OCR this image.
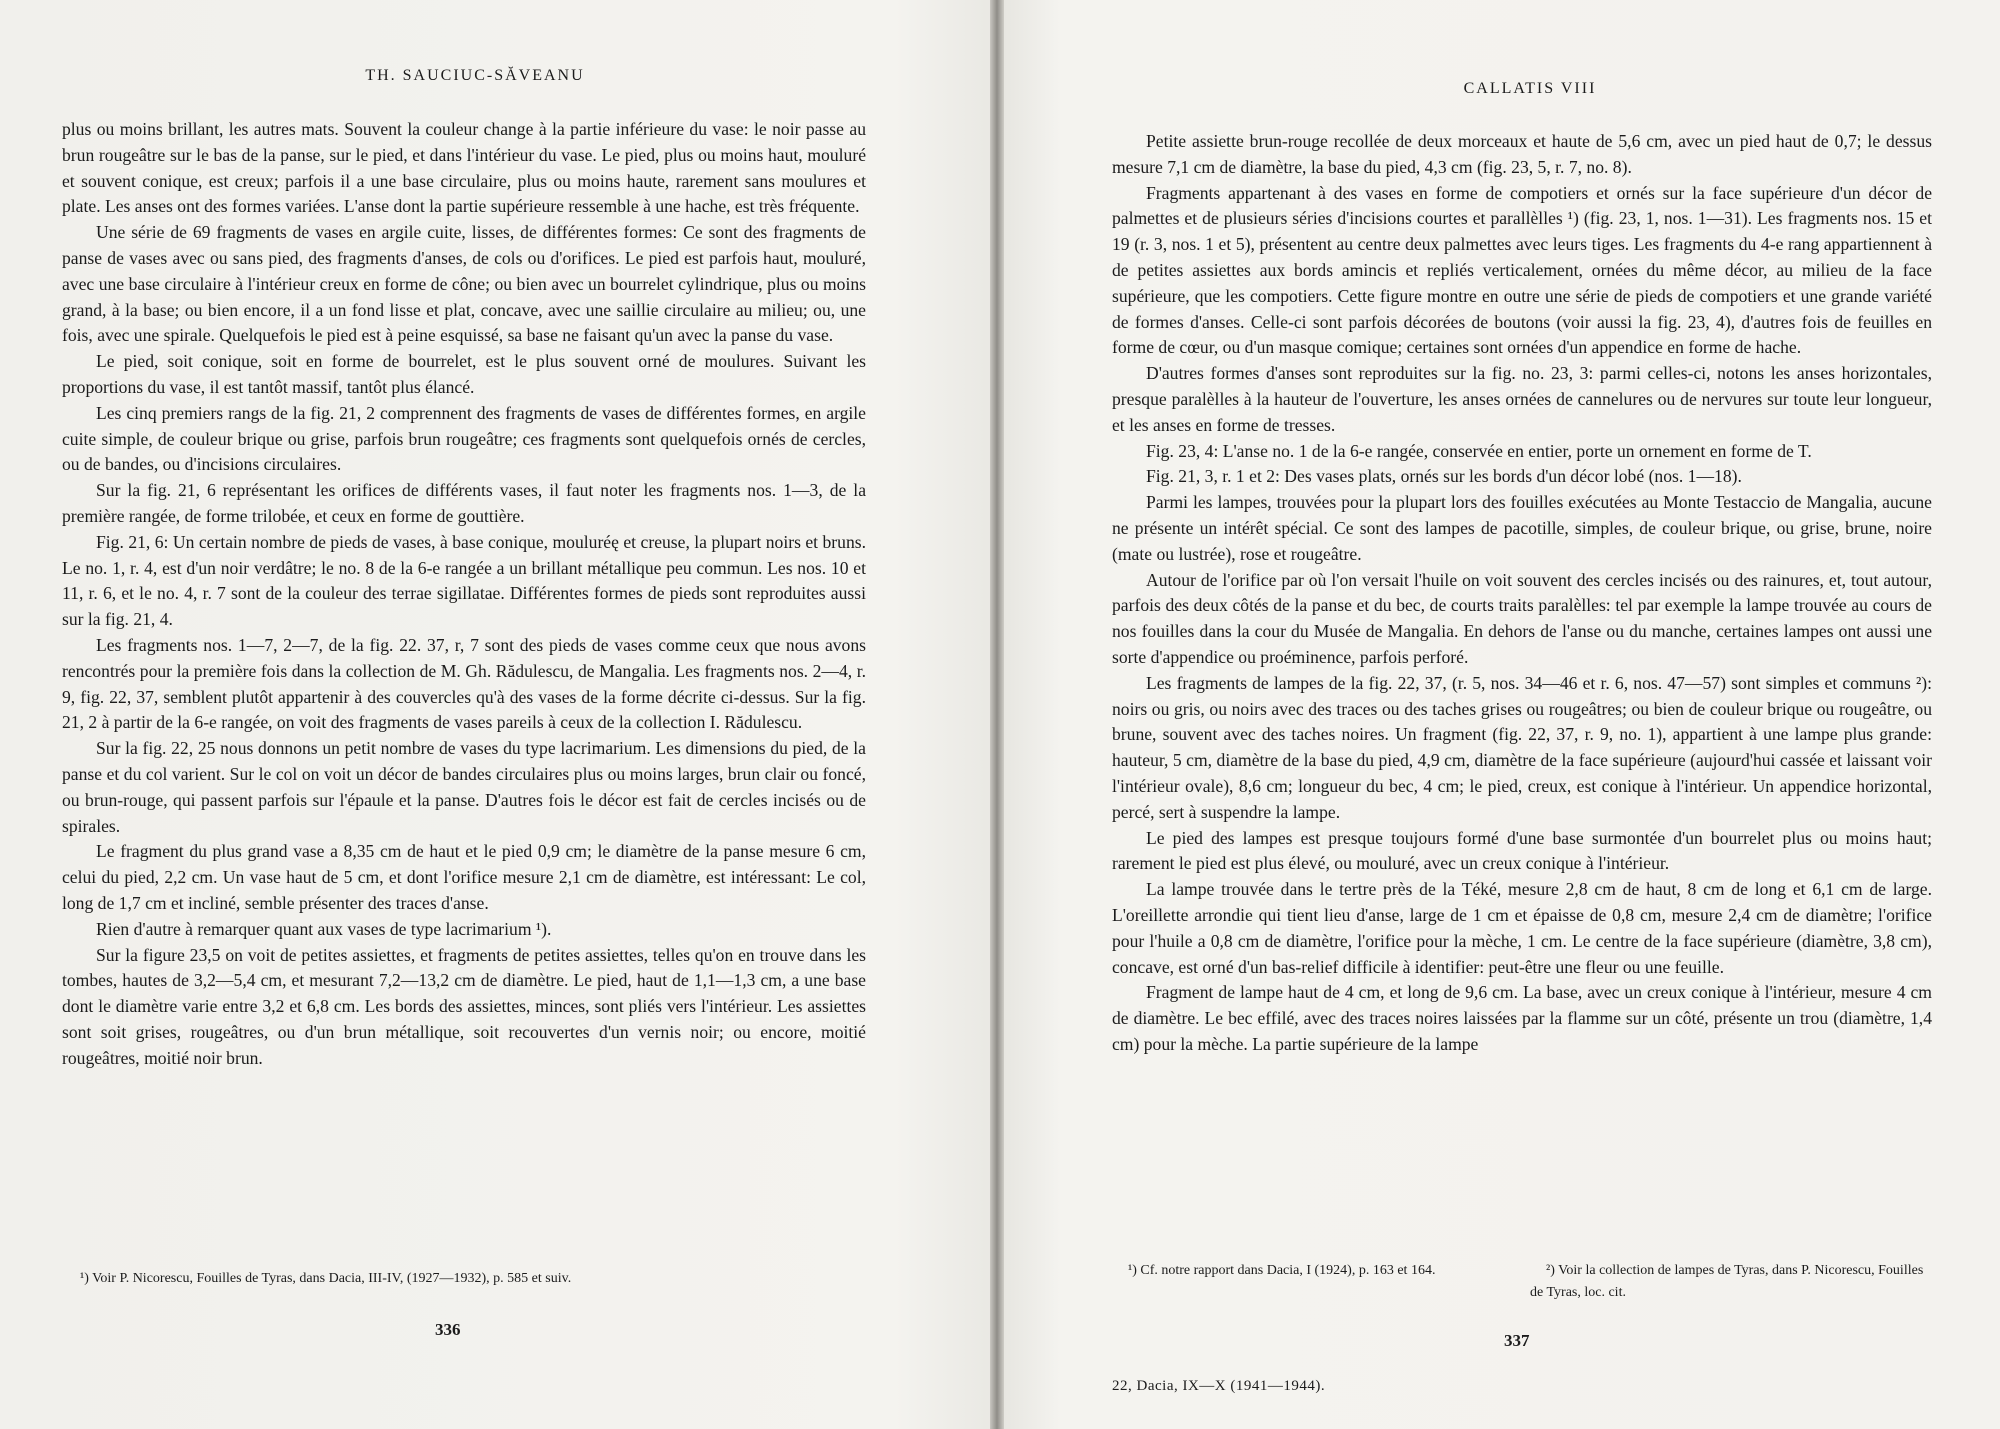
TH. SAUCIUC-SĂVEANU

plus ou moins brillant, les autres mats. Souvent la couleur change à la partie inférieure du vase: le noir passe au brun rougeâtre sur le bas de la panse, sur le pied, et dans l'intérieur du vase. Le pied, plus ou moins haut, mouluré et souvent conique, est creux; parfois il a une base circulaire, plus ou moins haute, rarement sans moulures et plate. Les anses ont des formes variées. L'anse dont la partie supérieure ressemble à une hache, est très fréquente.

Une série de 69 fragments de vases en argile cuite, lisses, de différentes formes: Ce sont des fragments de panse de vases avec ou sans pied, des fragments d'anses, de cols ou d'orifices. Le pied est parfois haut, mouluré, avec une base circulaire à l'intérieur creux en forme de cône; ou bien avec un bourrelet cylindrique, plus ou moins grand, à la base; ou bien encore, il a un fond lisse et plat, concave, avec une saillie circulaire au milieu; ou, une fois, avec une spirale. Quelquefois le pied est à peine esquissé, sa base ne faisant qu'un avec la panse du vase.

Le pied, soit conique, soit en forme de bourrelet, est le plus souvent orné de moulures. Suivant les proportions du vase, il est tantôt massif, tantôt plus élancé.

Les cinq premiers rangs de la fig. 21, 2 comprennent des fragments de vases de différentes formes, en argile cuite simple, de couleur brique ou grise, parfois brun rougeâtre; ces fragments sont quelquefois ornés de cercles, ou de bandes, ou d'incisions circulaires.

Sur la fig. 21, 6 représentant les orifices de différents vases, il faut noter les fragments nos. 1—3, de la première rangée, de forme trilobée, et ceux en forme de gouttière.

Fig. 21, 6: Un certain nombre de pieds de vases, à base conique, mouluréę et creuse, la plupart noirs et bruns. Le no. 1, r. 4, est d'un noir verdâtre; le no. 8 de la 6-e rangée a un brillant métallique peu commun. Les nos. 10 et 11, r. 6, et le no. 4, r. 7 sont de la couleur des terrae sigillatae. Différentes formes de pieds sont reproduites aussi sur la fig. 21, 4.

Les fragments nos. 1—7, 2—7, de la fig. 22. 37, r, 7 sont des pieds de vases comme ceux que nous avons rencontrés pour la première fois dans la collection de M. Gh. Rădulescu, de Mangalia. Les fragments nos. 2—4, r. 9, fig. 22, 37, semblent plutôt appartenir à des couvercles qu'à des vases de la forme décrite ci-dessus. Sur la fig. 21, 2 à partir de la 6-e rangée, on voit des fragments de vases pareils à ceux de la collection I. Rădulescu.

Sur la fig. 22, 25 nous donnons un petit nombre de vases du type lacrimarium. Les dimensions du pied, de la panse et du col varient. Sur le col on voit un décor de bandes circulaires plus ou moins larges, brun clair ou foncé, ou brun-rouge, qui passent parfois sur l'épaule et la panse. D'autres fois le décor est fait de cercles incisés ou de spirales.

Le fragment du plus grand vase a 8,35 cm de haut et le pied 0,9 cm; le diamètre de la panse mesure 6 cm, celui du pied, 2,2 cm. Un vase haut de 5 cm, et dont l'orifice mesure 2,1 cm de diamètre, est intéressant: Le col, long de 1,7 cm et incliné, semble présenter des traces d'anse.

Rien d'autre à remarquer quant aux vases de type lacrimarium ¹).

Sur la figure 23,5 on voit de petites assiettes, et fragments de petites assiettes, telles qu'on en trouve dans les tombes, hautes de 3,2—5,4 cm, et mesurant 7,2—13,2 cm de diamètre. Le pied, haut de 1,1—1,3 cm, a une base dont le diamètre varie entre 3,2 et 6,8 cm. Les bords des assiettes, minces, sont pliés vers l'intérieur. Les assiettes sont soit grises, rougeâtres, ou d'un brun métallique, soit recouvertes d'un vernis noir; ou encore, moitié rougeâtres, moitié noir brun.

¹) Voir P. Nicorescu, Fouilles de Tyras, dans Dacia, III-IV, (1927—1932), p. 585 et suiv.
336
CALLATIS VIII

Petite assiette brun-rouge recollée de deux morceaux et haute de 5,6 cm, avec un pied haut de 0,7; le dessus mesure 7,1 cm de diamètre, la base du pied, 4,3 cm (fig. 23, 5, r. 7, no. 8).

Fragments appartenant à des vases en forme de compotiers et ornés sur la face supérieure d'un décor de palmettes et de plusieurs séries d'incisions courtes et parallèlles ¹) (fig. 23, 1, nos. 1—31). Les fragments nos. 15 et 19 (r. 3, nos. 1 et 5), présentent au centre deux palmettes avec leurs tiges. Les fragments du 4-e rang appartiennent à de petites assiettes aux bords amincis et repliés verticalement, ornées du même décor, au milieu de la face supérieure, que les compotiers. Cette figure montre en outre une série de pieds de compotiers et une grande variété de formes d'anses. Celle-ci sont parfois décorées de boutons (voir aussi la fig. 23, 4), d'autres fois de feuilles en forme de cœur, ou d'un masque comique; certaines sont ornées d'un appendice en forme de hache.

D'autres formes d'anses sont reproduites sur la fig. no. 23, 3: parmi celles-ci, notons les anses horizontales, presque paralèlles à la hauteur de l'ouverture, les anses ornées de cannelures ou de nervures sur toute leur longueur, et les anses en forme de tresses.

Fig. 23, 4: L'anse no. 1 de la 6-e rangée, conservée en entier, porte un ornement en forme de T.

Fig. 21, 3, r. 1 et 2: Des vases plats, ornés sur les bords d'un décor lobé (nos. 1—18).

Parmi les lampes, trouvées pour la plupart lors des fouilles exécutées au Monte Testaccio de Mangalia, aucune ne présente un intérêt spécial. Ce sont des lampes de pacotille, simples, de couleur brique, ou grise, brune, noire (mate ou lustrée), rose et rougeâtre.

Autour de l'orifice par où l'on versait l'huile on voit souvent des cercles incisés ou des rainures, et, tout autour, parfois des deux côtés de la panse et du bec, de courts traits paralèlles: tel par exemple la lampe trouvée au cours de nos fouilles dans la cour du Musée de Mangalia. En dehors de l'anse ou du manche, certaines lampes ont aussi une sorte d'appendice ou proéminence, parfois perforé.

Les fragments de lampes de la fig. 22, 37, (r. 5, nos. 34—46 et r. 6, nos. 47—57) sont simples et communs ²): noirs ou gris, ou noirs avec des traces ou des taches grises ou rougeâtres; ou bien de couleur brique ou rougeâtre, ou brune, souvent avec des taches noires. Un fragment (fig. 22, 37, r. 9, no. 1), appartient à une lampe plus grande: hauteur, 5 cm, diamètre de la base du pied, 4,9 cm, diamètre de la face supérieure (aujourd'hui cassée et laissant voir l'intérieur ovale), 8,6 cm; longueur du bec, 4 cm; le pied, creux, est conique à l'intérieur. Un appendice horizontal, percé, sert à suspendre la lampe.

Le pied des lampes est presque toujours formé d'une base surmontée d'un bourrelet plus ou moins haut; rarement le pied est plus élevé, ou mouluré, avec un creux conique à l'intérieur.

La lampe trouvée dans le tertre près de la Téké, mesure 2,8 cm de haut, 8 cm de long et 6,1 cm de large. L'oreillette arrondie qui tient lieu d'anse, large de 1 cm et épaisse de 0,8 cm, mesure 2,4 cm de diamètre; l'orifice pour l'huile a 0,8 cm de diamètre, l'orifice pour la mèche, 1 cm. Le centre de la face supérieure (diamètre, 3,8 cm), concave, est orné d'un bas-relief difficile à identifier: peut-être une fleur ou une feuille.

Fragment de lampe haut de 4 cm, et long de 9,6 cm. La base, avec un creux conique à l'intérieur, mesure 4 cm de diamètre. Le bec effilé, avec des traces noires laissées par la flamme sur un côté, présente un trou (diamètre, 1,4 cm) pour la mèche. La partie supérieure de la lampe

¹) Cf. notre rapport dans Dacia, I (1924), p. 163 et 164.	²) Voir la collection de lampes de Tyras, dans P. Nicorescu, Fouilles de Tyras, loc. cit.
337
22, Dacia, IX—X (1941—1944).
